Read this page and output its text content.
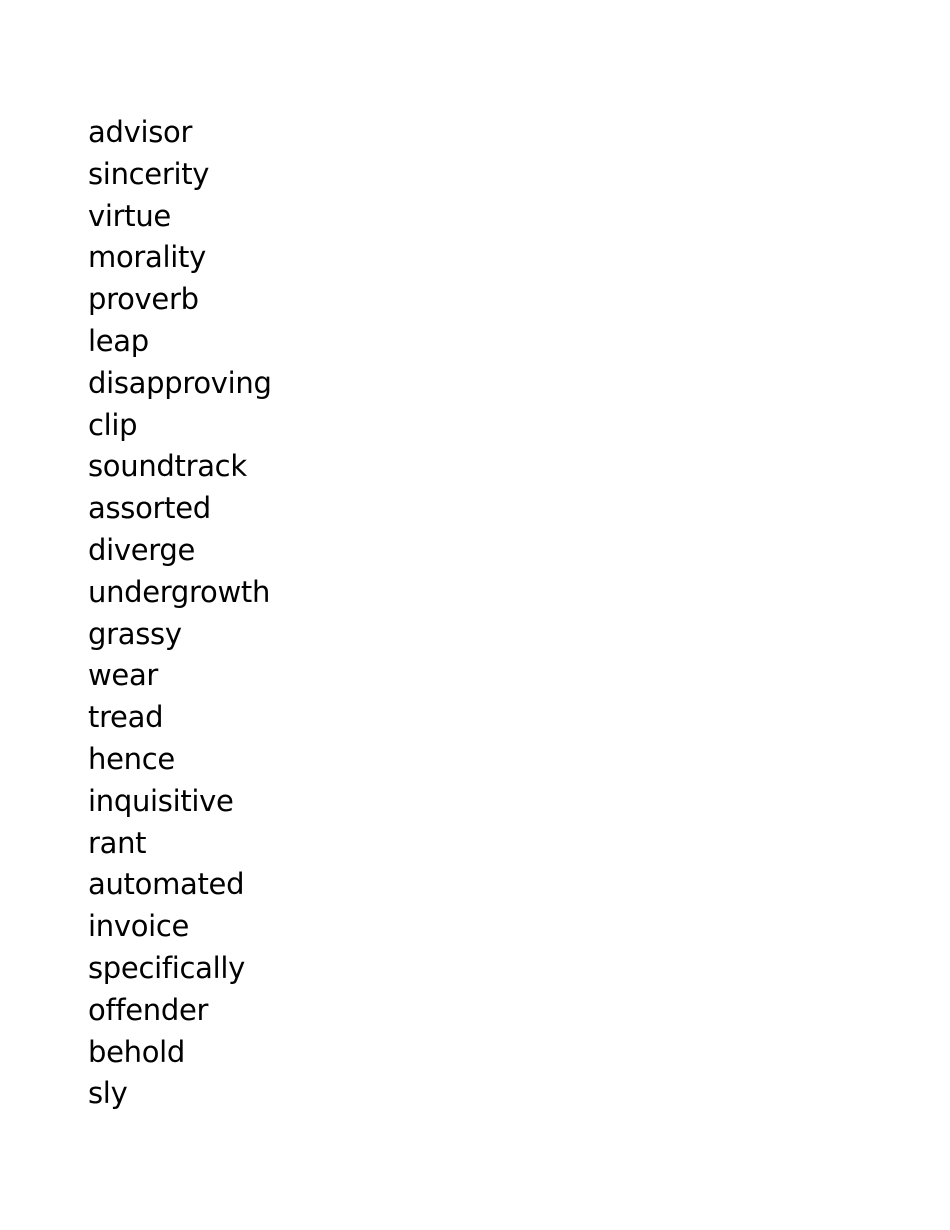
advisor
sincerity
virtue
morality
proverb
leap
disapproving
clip
soundtrack
assorted
diverge
undergrowth
grassy
wear
tread
hence
inquisitive
rant
automated
invoice
specifically
offender
behold
sly
